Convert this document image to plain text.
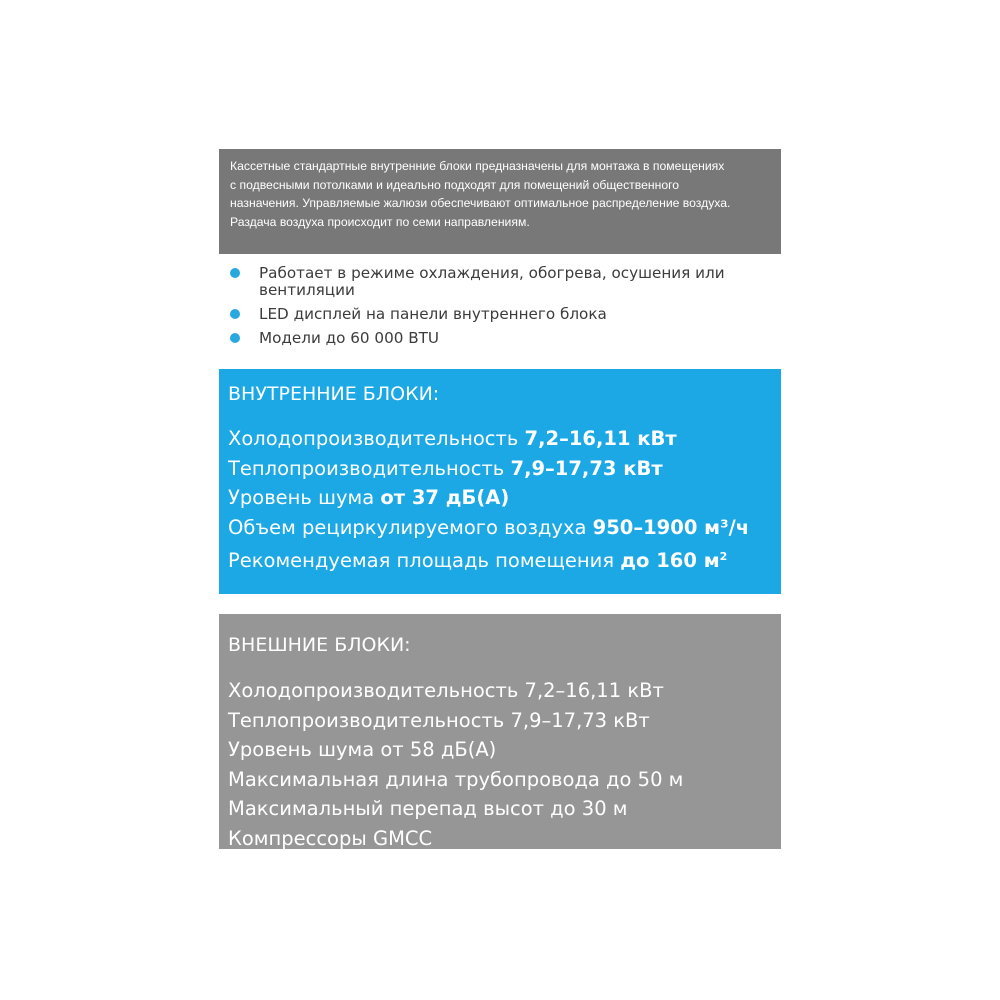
Кассетные стандартные внутренние блоки предназначены для монтажа в помещениях

с подвесными потолками и идеально подходят для помещений общественного

назначения. Управляемые жалюзи обеспечивают оптимальное распределение воздуха.

Раздача воздуха происходит по семи направлениям.

Работает в режиме охлаждения, обогрева, осушения или
вентиляции
LED дисплей на панели внутреннего блока
Модели до 60 000 BTU
ВНУТРЕННИЕ БЛОКИ:
Холодопроизводительность 7,2–16,11 кВт
Теплопроизводительность 7,9–17,73 кВт
Уровень шума от 37 дБ(А)
Объем рециркулируемого воздуха 950–1900 м³/ч
Рекомендуемая площадь помещения до 160 $м^2$
ВНЕШНИЕ БЛОКИ:
Холодопроизводительность 7,2–16,11 кВт
Теплопроизводительность 7,9–17,73 кВт
Уровень шума от 58 дБ(А)
Максимальная длина трубопровода до 50 м
Максимальный перепад высот до 30 м
Компрессоры GMCC
